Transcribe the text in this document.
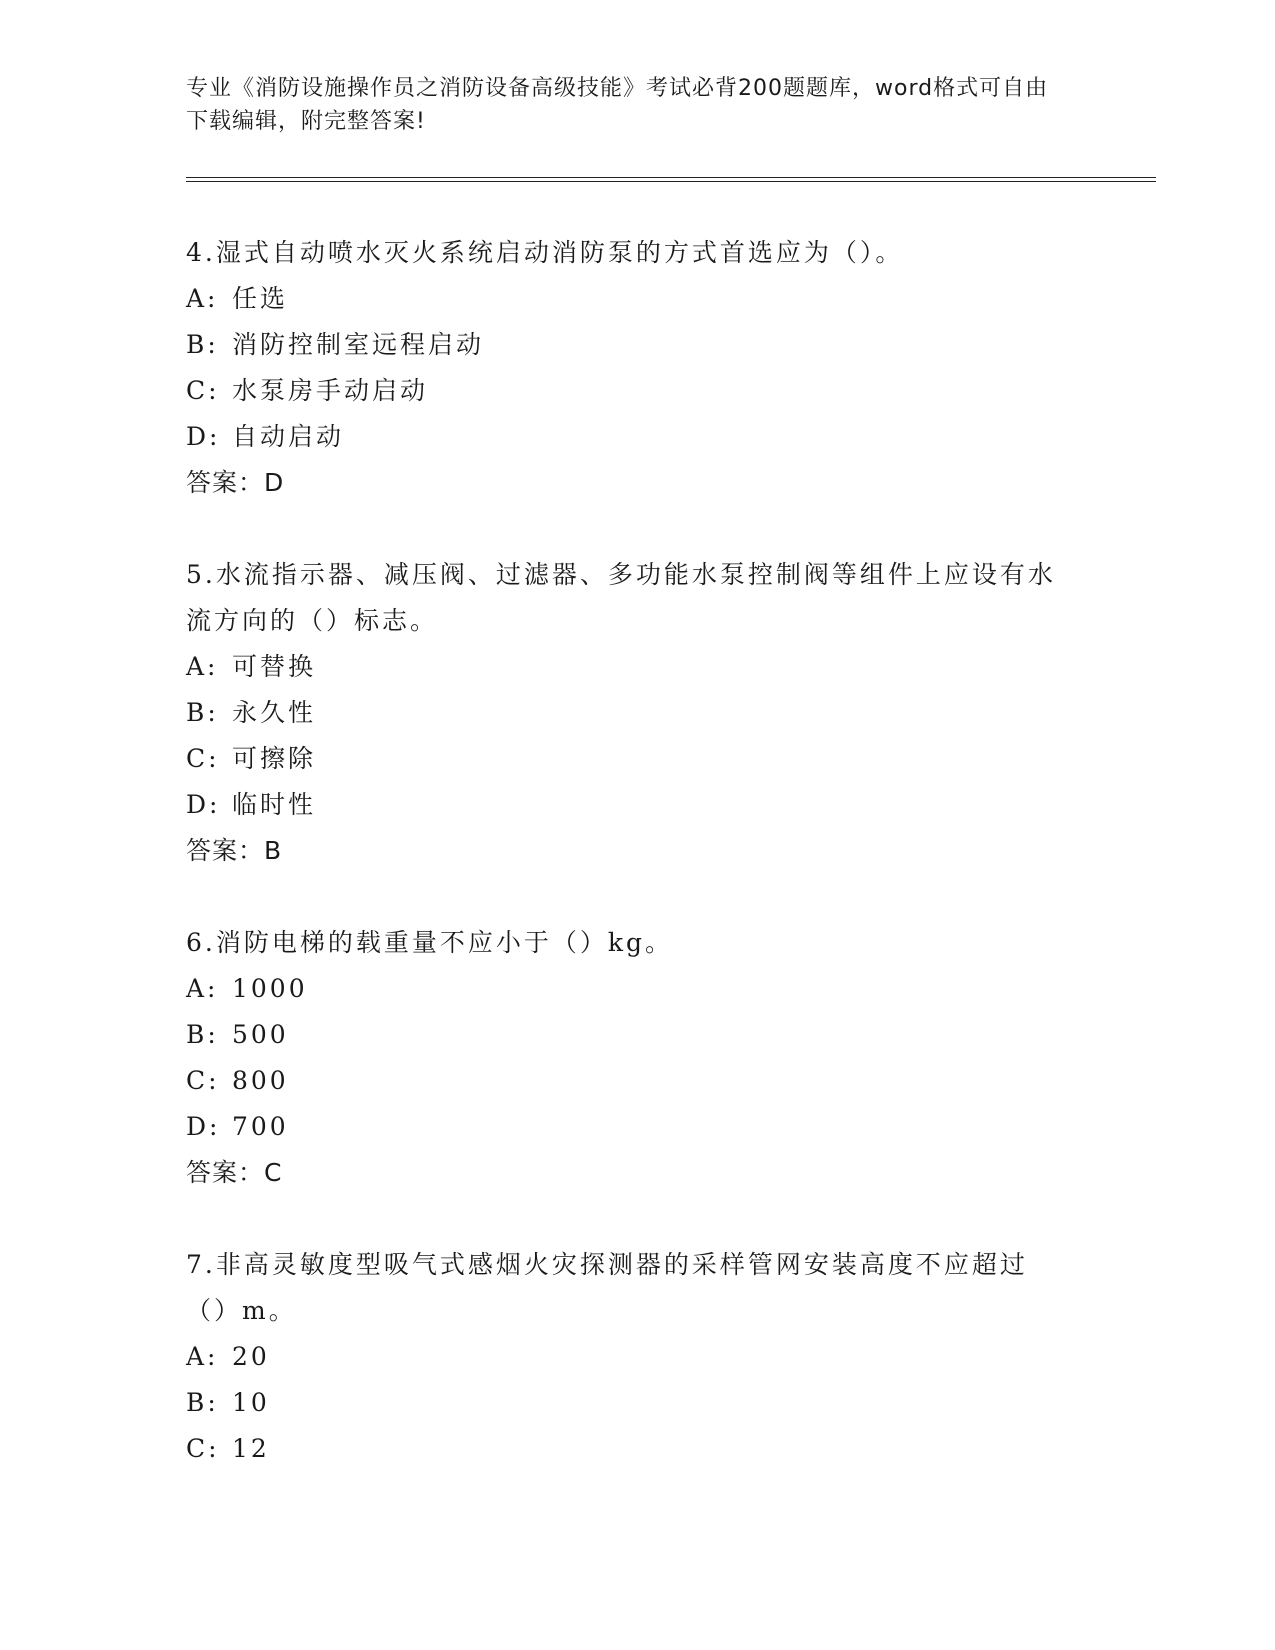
专业《消防设施操作员之消防设备高级技能》考试必背200题题库，word格式可自由下载编辑，附完整答案!
4.湿式自动喷水灭火系统启动消防泵的方式首选应为（）。
A: 任选
B: 消防控制室远程启动
C: 水泵房手动启动
D: 自动启动
答案：D
5.水流指示器、减压阀、过滤器、多功能水泵控制阀等组件上应设有水流方向的（）标志。
A: 可替换
B: 永久性
C: 可擦除
D: 临时性
答案：B
6.消防电梯的载重量不应小于（）kg。
A: 1000
B: 500
C: 800
D: 700
答案：C
7.非高灵敏度型吸气式感烟火灾探测器的采样管网安装高度不应超过（）m。
A: 20
B: 10
C: 12
